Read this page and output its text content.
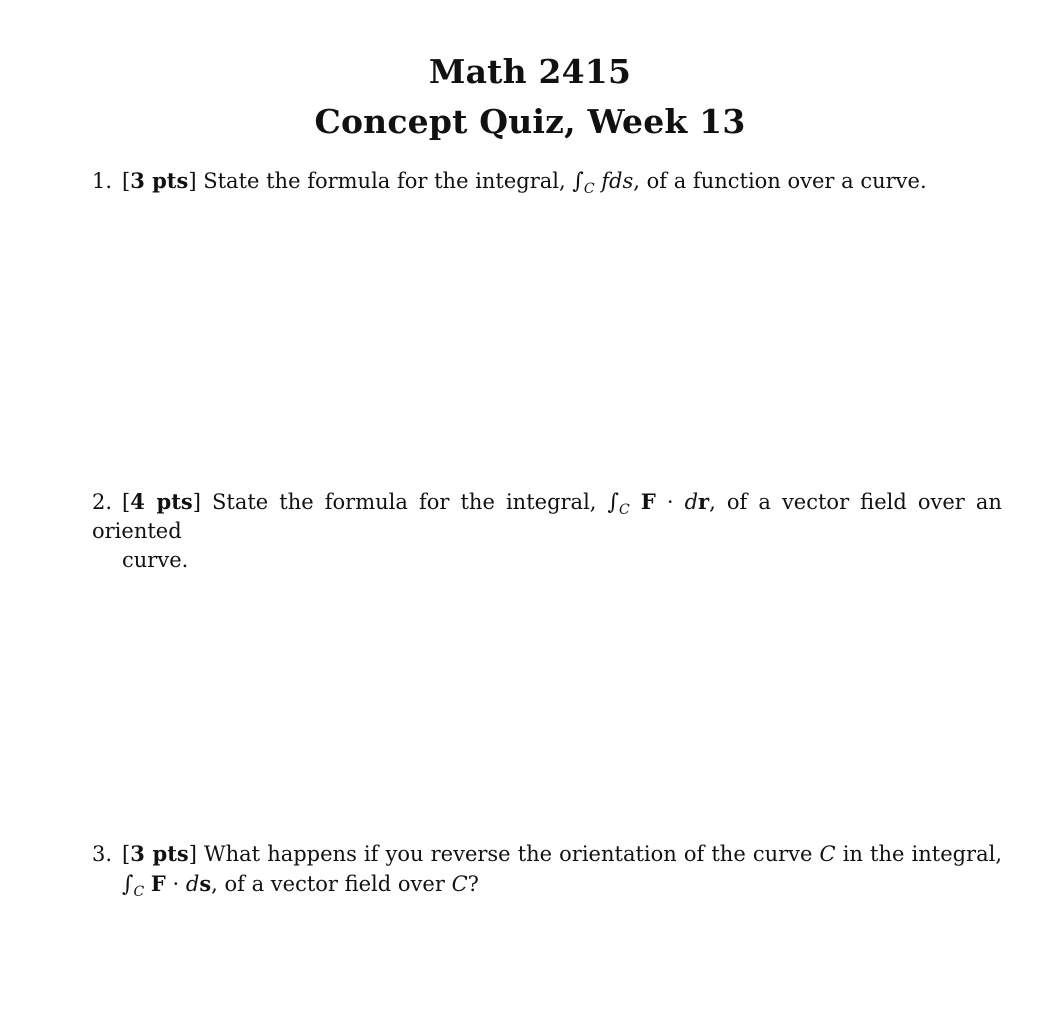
Math 2415
Concept Quiz, Week 13
1. [3 pts] State the formula for the integral, $\int_C$ fds, of a function over a curve.
2. [4 pts] State the formula for the integral, $\int_C$ F · dr, of a vector field over an oriented
curve.
3. [3 pts] What happens if you reverse the orientation of the curve C in the integral,
$\int_C$ F · ds, of a vector field over C?
